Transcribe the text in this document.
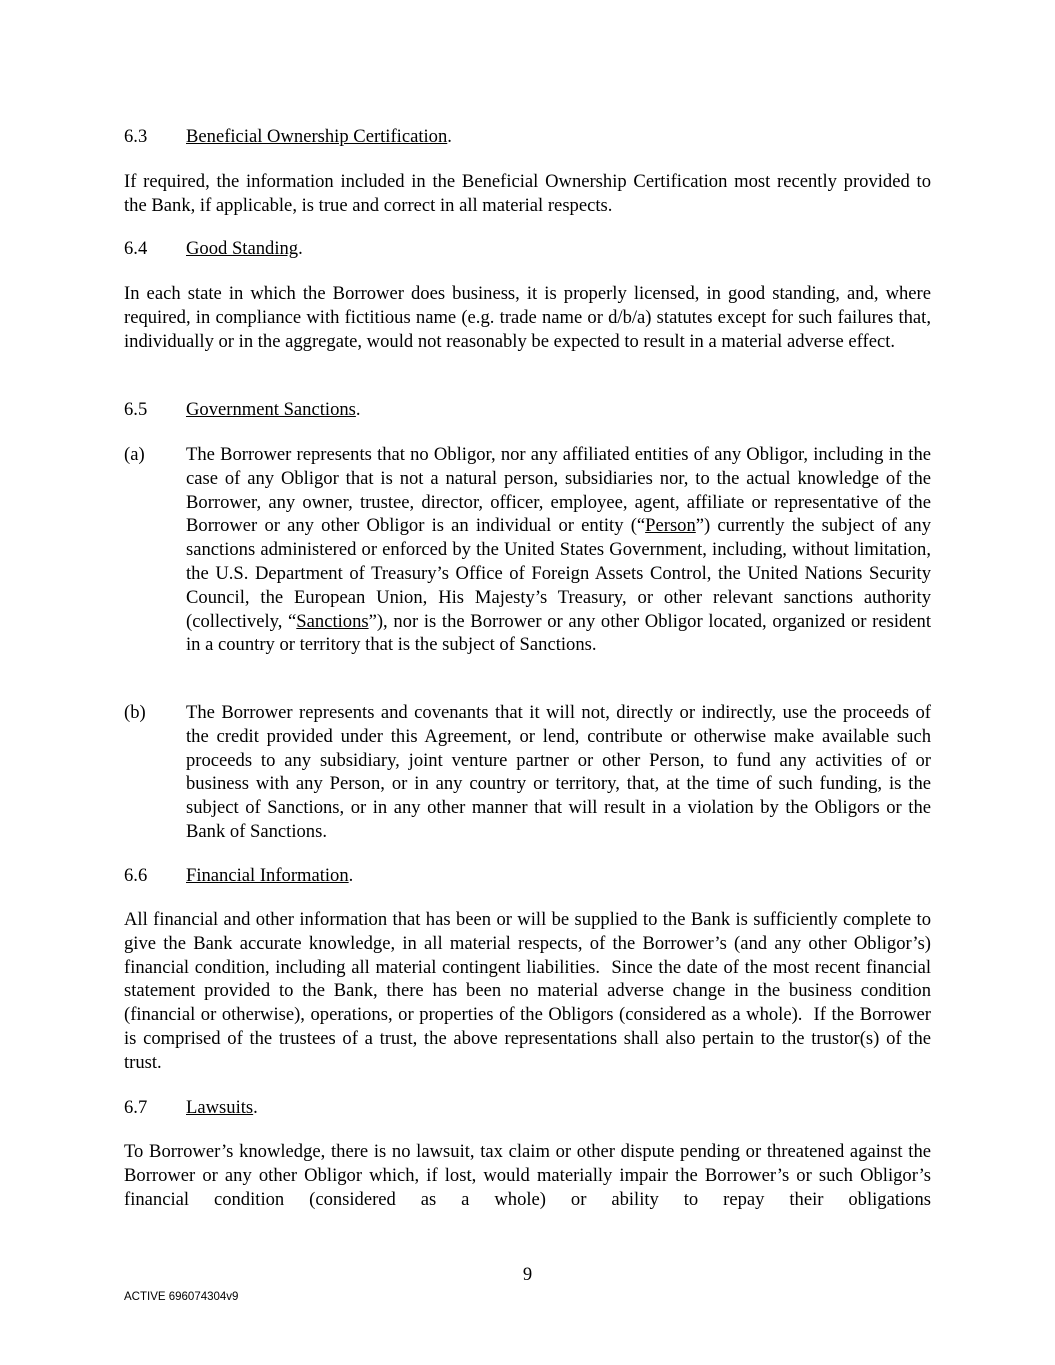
6.3 Beneficial Ownership Certification.
If required, the information included in the Beneficial Ownership Certification most recently provided to the Bank, if applicable, is true and correct in all material respects.
6.4 Good Standing.
In each state in which the Borrower does business, it is properly licensed, in good standing, and, where required, in compliance with fictitious name (e.g. trade name or d/b/a) statutes except for such failures that, individually or in the aggregate, would not reasonably be expected to result in a material adverse effect.
6.5 Government Sanctions.
(a) The Borrower represents that no Obligor, nor any affiliated entities of any Obligor, including in the case of any Obligor that is not a natural person, subsidiaries nor, to the actual knowledge of the Borrower, any owner, trustee, director, officer, employee, agent, affiliate or representative of the Borrower or any other Obligor is an individual or entity (“Person”) currently the subject of any sanctions administered or enforced by the United States Government, including, without limitation, the U.S. Department of Treasury’s Office of Foreign Assets Control, the United Nations Security Council, the European Union, His Majesty’s Treasury, or other relevant sanctions authority (collectively, “Sanctions”), nor is the Borrower or any other Obligor located, organized or resident in a country or territory that is the subject of Sanctions.
(b) The Borrower represents and covenants that it will not, directly or indirectly, use the proceeds of the credit provided under this Agreement, or lend, contribute or otherwise make available such proceeds to any subsidiary, joint venture partner or other Person, to fund any activities of or business with any Person, or in any country or territory, that, at the time of such funding, is the subject of Sanctions, or in any other manner that will result in a violation by the Obligors or the Bank of Sanctions.
6.6 Financial Information.
All financial and other information that has been or will be supplied to the Bank is sufficiently complete to give the Bank accurate knowledge, in all material respects, of the Borrower’s (and any other Obligor’s) financial condition, including all material contingent liabilities.  Since the date of the most recent financial statement provided to the Bank, there has been no material adverse change in the business condition (financial or otherwise), operations, or properties of the Obligors (considered as a whole).  If the Borrower is comprised of the trustees of a trust, the above representations shall also pertain to the trustor(s) of the trust.
6.7 Lawsuits.
To Borrower’s knowledge, there is no lawsuit, tax claim or other dispute pending or threatened against the Borrower or any other Obligor which, if lost, would materially impair the Borrower’s or such Obligor’s financial condition (considered as a whole) or ability to repay their obligations
9
ACTIVE 696074304v9
